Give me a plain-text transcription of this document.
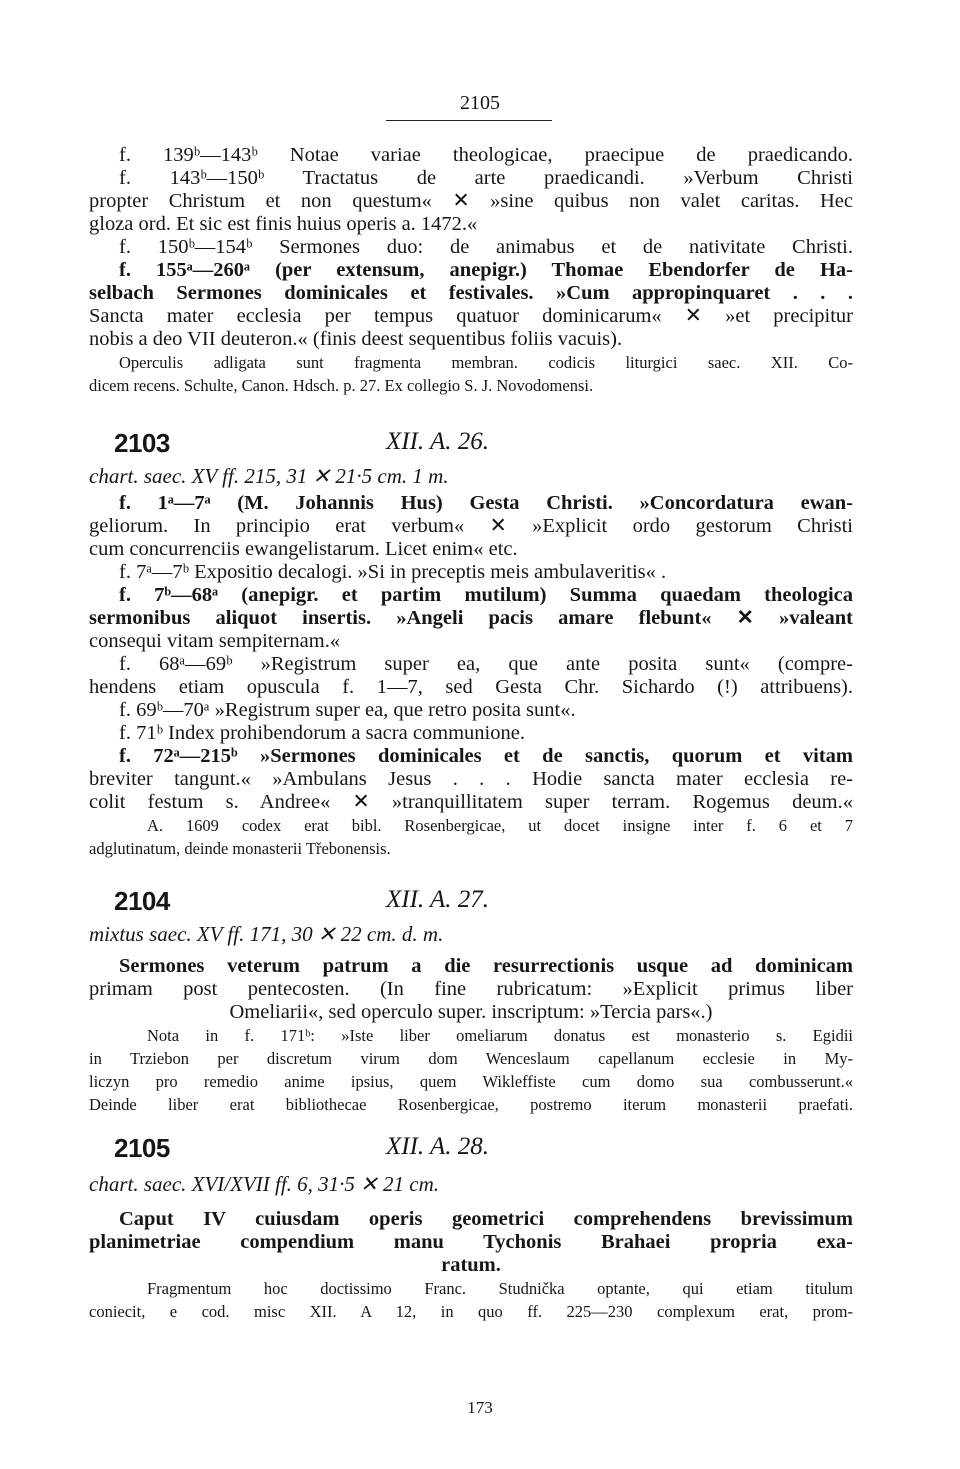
2105
f. 139ᵇ—143ᵇ Notae variae theologicae, praecipue de praedicando.
f. 143ᵇ—150ᵇ Tractatus de arte praedicandi. »Verbum Christi
propter Christum et non questum« ✕ »sine quibus non valet caritas. Hec
gloza ord. Et sic est finis huius operis a. 1472.«
f. 150ᵇ—154ᵇ Sermones duo: de animabus et de nativitate Christi.
f. 155ᵃ—260ᵃ (per extensum, anepigr.) Thomae Ebendorfer de Ha-
selbach Sermones dominicales et festivales. »Cum appropinquaret . . .
Sancta mater ecclesia per tempus quatuor dominicarum« ✕ »et precipitur
nobis a deo VII deuteron.« (finis deest sequentibus foliis vacuis).
Operculis adligata sunt fragmenta membran. codicis liturgici saec. XII. Co-
dicem recens. Schulte, Canon. Hdsch. p. 27. Ex collegio S. J. Novodomensi.
2103	XII. A. 26.
chart. saec. XV ff. 215, 31 ✕ 21·5 cm. 1 m.
f. 1ᵃ—7ᵃ (M. Johannis Hus) Gesta Christi. »Concordatura ewan-
geliorum. In principio erat verbum« ✕ »Explicit ordo gestorum Christi
cum concurrenciis ewangelistarum. Licet enim« etc.
f. 7ᵃ—7ᵇ Expositio decalogi. »Si in preceptis meis ambulaveritis« .
f. 7ᵇ—68ᵃ (anepigr. et partim mutilum) Summa quaedam theologica
sermonibus aliquot insertis. »Angeli pacis amare flebunt« ✕ »valeant
consequi vitam sempiternam.«
f. 68ᵃ—69ᵇ »Registrum super ea, que ante posita sunt« (compre-
hendens etiam opuscula f. 1—7, sed Gesta Chr. Sichardo (!) attribuens).
f. 69ᵇ—70ᵃ »Registrum super ea, que retro posita sunt«.
f. 71ᵇ Index prohibendorum a sacra communione.
f. 72ᵃ—215ᵇ »Sermones dominicales et de sanctis, quorum et vitam
breviter tangunt.« »Ambulans Jesus . . . Hodie sancta mater ecclesia re-
colit festum s. Andree« ✕ »tranquillitatem super terram. Rogemus deum.«
A. 1609 codex erat bibl. Rosenbergicae, ut docet insigne inter f. 6 et 7
adglutinatum, deinde monasterii Třebonensis.
2104	XII. A. 27.
mixtus saec. XV ff. 171, 30 ✕ 22 cm. d. m.
Sermones veterum patrum a die resurrectionis usque ad dominicam
primam post pentecosten. (In fine rubricatum: »Explicit primus liber
Omeliarii«, sed operculo super. inscriptum: »Tercia pars«.)
Nota in f. 171ᵇ: »Iste liber omeliarum donatus est monasterio s. Egidii
in Trziebon per discretum virum dom Wenceslaum capellanum ecclesie in My-
liczyn pro remedio anime ipsius, quem Wikleffiste cum domo sua combusserunt.«
Deinde liber erat bibliothecae Rosenbergicae, postremo iterum monasterii praefati.
2105	XII. A. 28.
chart. saec. XVI/XVII ff. 6, 31·5 ✕ 21 cm.
Caput IV cuiusdam operis geometrici comprehendens brevissimum
planimetriae compendium manu Tychonis Brahaei propria exa-
ratum.
Fragmentum hoc doctissimo Franc. Studnička optante, qui etiam titulum
coniecit, e cod. misc XII. A 12, in quo ff. 225—230 complexum erat, prom-
173
